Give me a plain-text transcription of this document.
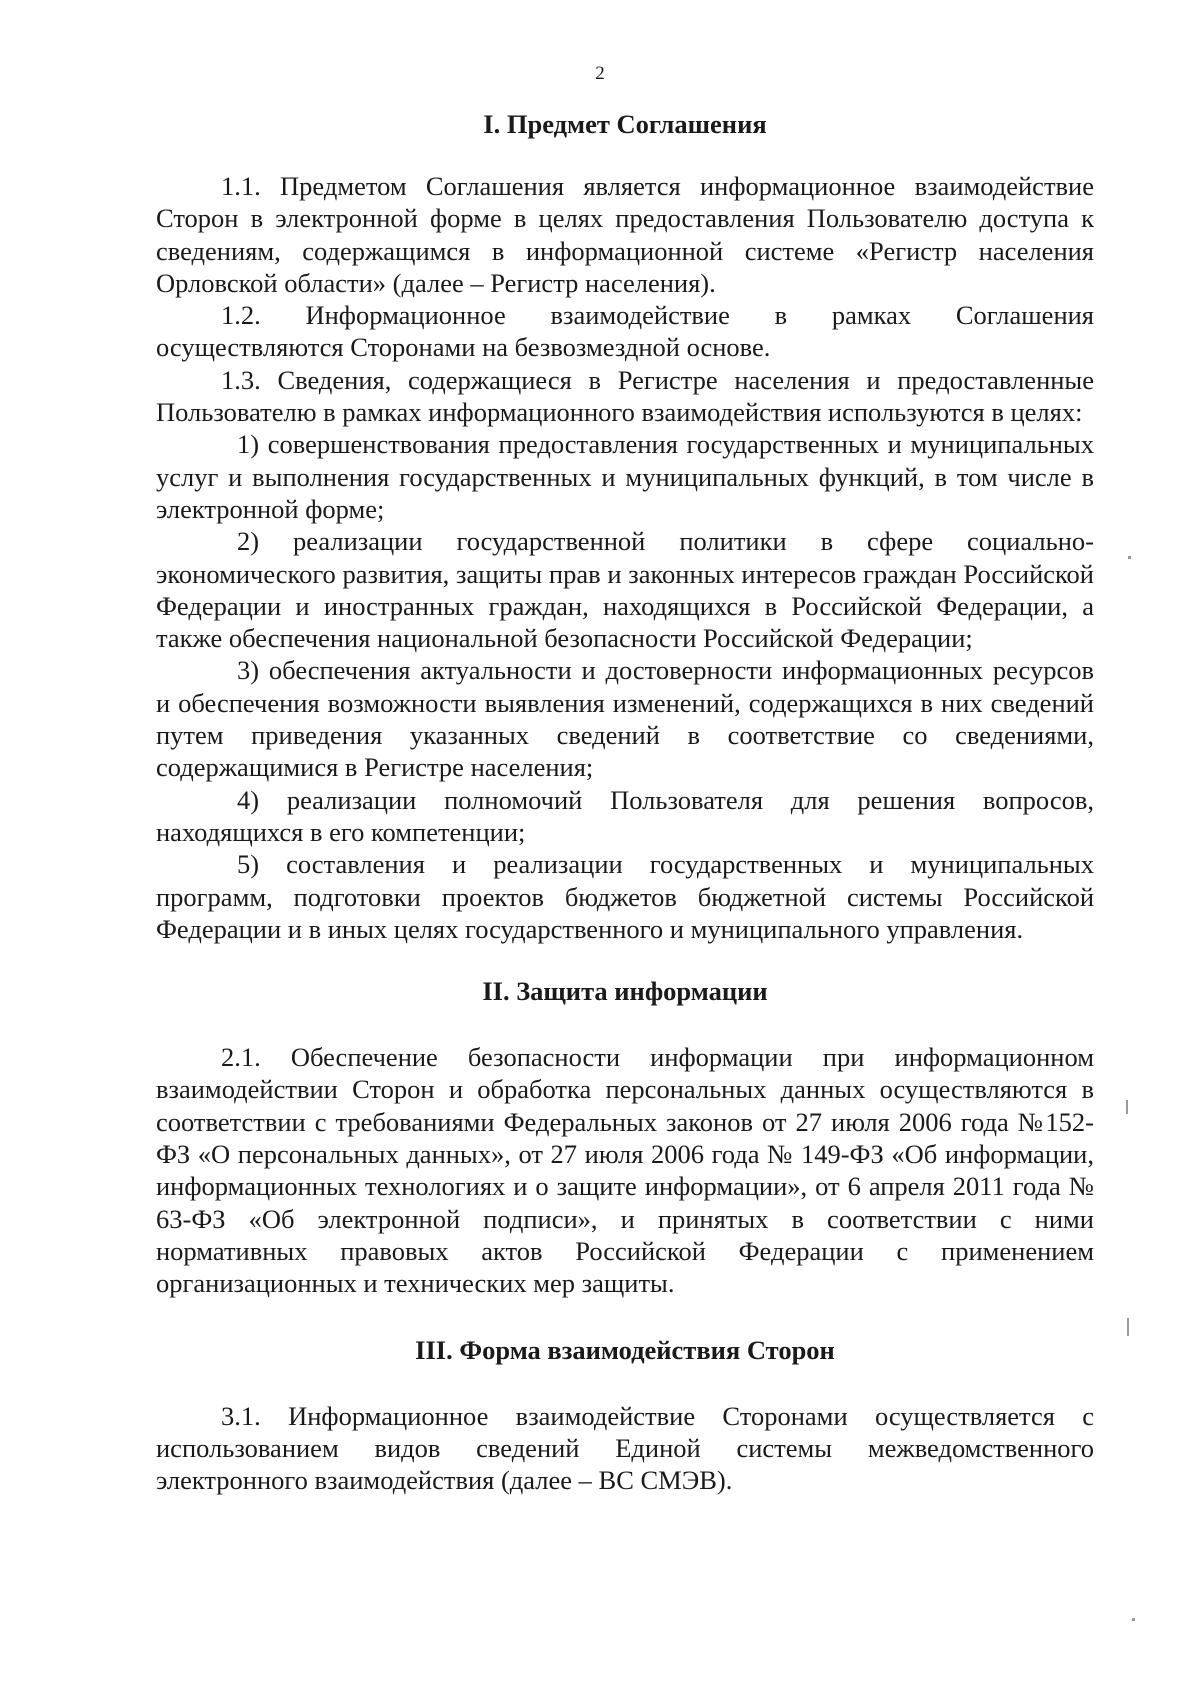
2
I. Предмет Соглашения

1.1. Предметом Соглашения является информационное взаимодействие Сторон в электронной форме в целях предоставления Пользователю доступа к сведениям, содержащимся в информационной системе «Регистр населения Орловской области» (далее – Регистр населения).

1.2. Информационное взаимодействие в рамках Соглашения осуществляются Сторонами на безвозмездной основе.

1.3. Сведения, содержащиеся в Регистре населения и предоставленные Пользователю в рамках информационного взаимодействия используются в целях:

1) совершенствования предоставления государственных и муниципальных услуг и выполнения государственных и муниципальных функций, в том числе в электронной форме;

2) реализации государственной политики в сфере социально-экономического развития, защиты прав и законных интересов граждан Российской Федерации и иностранных граждан, находящихся в Российской Федерации, а также обеспечения национальной безопасности Российской Федерации;

3) обеспечения актуальности и достоверности информационных ресурсов и обеспечения возможности выявления изменений, содержащихся в них сведений путем приведения указанных сведений в соответствие со сведениями, содержащимися в Регистре населения;

4) реализации полномочий Пользователя для решения вопросов, находящихся в его компетенции;

5) составления и реализации государственных и муниципальных программ, подготовки проектов бюджетов бюджетной системы Российской Федерации и в иных целях государственного и муниципального управления.

II. Защита информации

2.1. Обеспечение безопасности информации при информационном взаимодействии Сторон и обработка персональных данных осуществляются в соответствии с требованиями Федеральных законов от 27 июля 2006 года №152-ФЗ «О персональных данных», от 27 июля 2006 года № 149-ФЗ «Об информации, информационных технологиях и о защите информации», от 6 апреля 2011 года № 63-ФЗ «Об электронной подписи», и принятых в соответствии с ними нормативных правовых актов Российской Федерации с применением организационных и технических мер защиты.

III. Форма взаимодействия Сторон

3.1. Информационное взаимодействие Сторонами осуществляется с использованием видов сведений Единой системы межведомственного электронного взаимодействия (далее – ВС СМЭВ).
